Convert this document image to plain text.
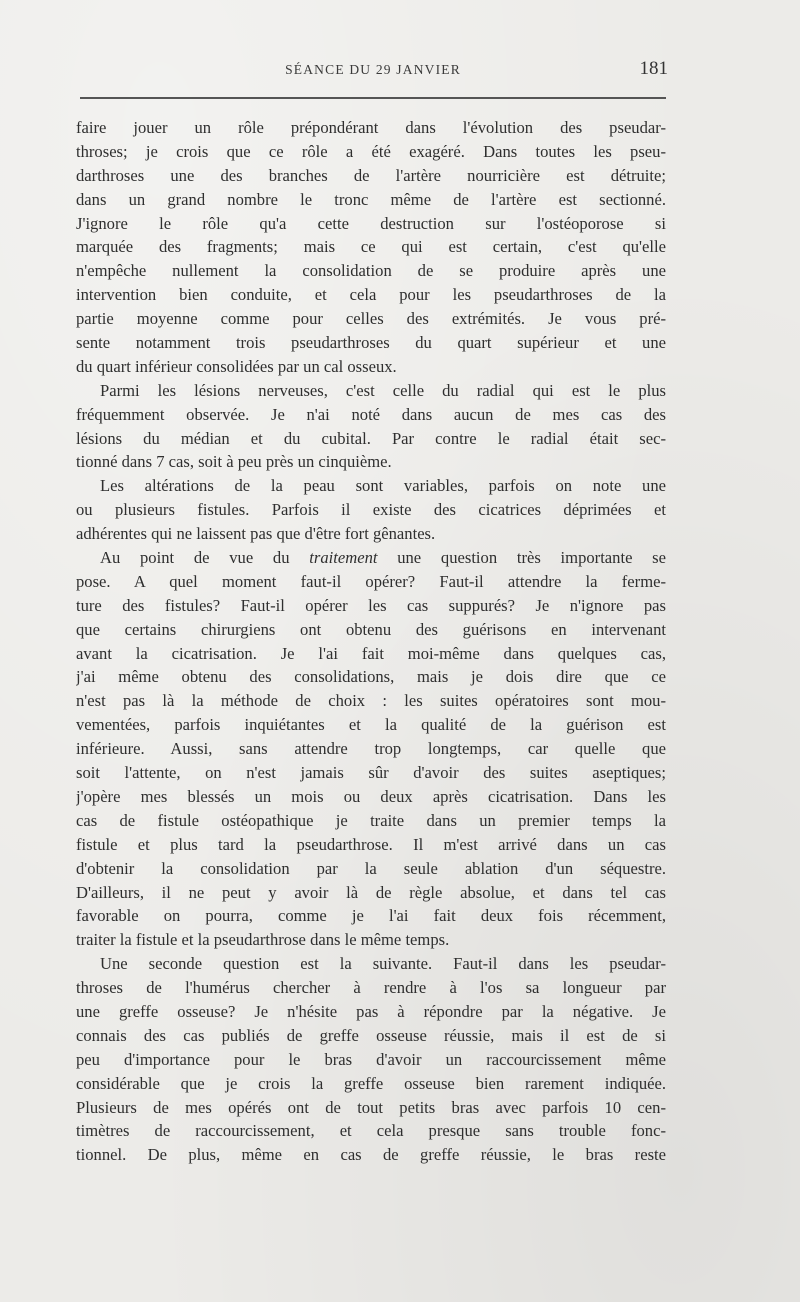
SÉANCE DU 29 JANVIER	181
faire jouer un rôle prépondérant dans l'évolution des pseudar-
throses; je crois que ce rôle a été exagéré. Dans toutes les pseu-
darthroses une des branches de l'artère nourricière est détruite;
dans un grand nombre le tronc même de l'artère est sectionné.
J'ignore le rôle qu'a cette destruction sur l'ostéoporose si
marquée des fragments; mais ce qui est certain, c'est qu'elle
n'empêche nullement la consolidation de se produire après une
intervention bien conduite, et cela pour les pseudarthroses de la
partie moyenne comme pour celles des extrémités. Je vous pré-
sente notamment trois pseudarthroses du quart supérieur et une
du quart inférieur consolidées par un cal osseux.
Parmi les lésions nerveuses, c'est celle du radial qui est le plus
fréquemment observée. Je n'ai noté dans aucun de mes cas des
lésions du médian et du cubital. Par contre le radial était sec-
tionné dans 7 cas, soit à peu près un cinquième.
Les altérations de la peau sont variables, parfois on note une
ou plusieurs fistules. Parfois il existe des cicatrices déprimées et
adhérentes qui ne laissent pas que d'être fort gênantes.
Au point de vue du traitement une question très importante se
pose. A quel moment faut-il opérer? Faut-il attendre la ferme-
ture des fistules? Faut-il opérer les cas suppurés? Je n'ignore pas
que certains chirurgiens ont obtenu des guérisons en intervenant
avant la cicatrisation. Je l'ai fait moi-même dans quelques cas,
j'ai même obtenu des consolidations, mais je dois dire que ce
n'est pas là la méthode de choix : les suites opératoires sont mou-
vementées, parfois inquiétantes et la qualité de la guérison est
inférieure. Aussi, sans attendre trop longtemps, car quelle que
soit l'attente, on n'est jamais sûr d'avoir des suites aseptiques;
j'opère mes blessés un mois ou deux après cicatrisation. Dans les
cas de fistule ostéopathique je traite dans un premier temps la
fistule et plus tard la pseudarthrose. Il m'est arrivé dans un cas
d'obtenir la consolidation par la seule ablation d'un séquestre.
D'ailleurs, il ne peut y avoir là de règle absolue, et dans tel cas
favorable on pourra, comme je l'ai fait deux fois récemment,
traiter la fistule et la pseudarthrose dans le même temps.
Une seconde question est la suivante. Faut-il dans les pseudar-
throses de l'humérus chercher à rendre à l'os sa longueur par
une greffe osseuse? Je n'hésite pas à répondre par la négative. Je
connais des cas publiés de greffe osseuse réussie, mais il est de si
peu d'importance pour le bras d'avoir un raccourcissement même
considérable que je crois la greffe osseuse bien rarement indiquée.
Plusieurs de mes opérés ont de tout petits bras avec parfois 10 cen-
timètres de raccourcissement, et cela presque sans trouble fonc-
tionnel. De plus, même en cas de greffe réussie, le bras reste
